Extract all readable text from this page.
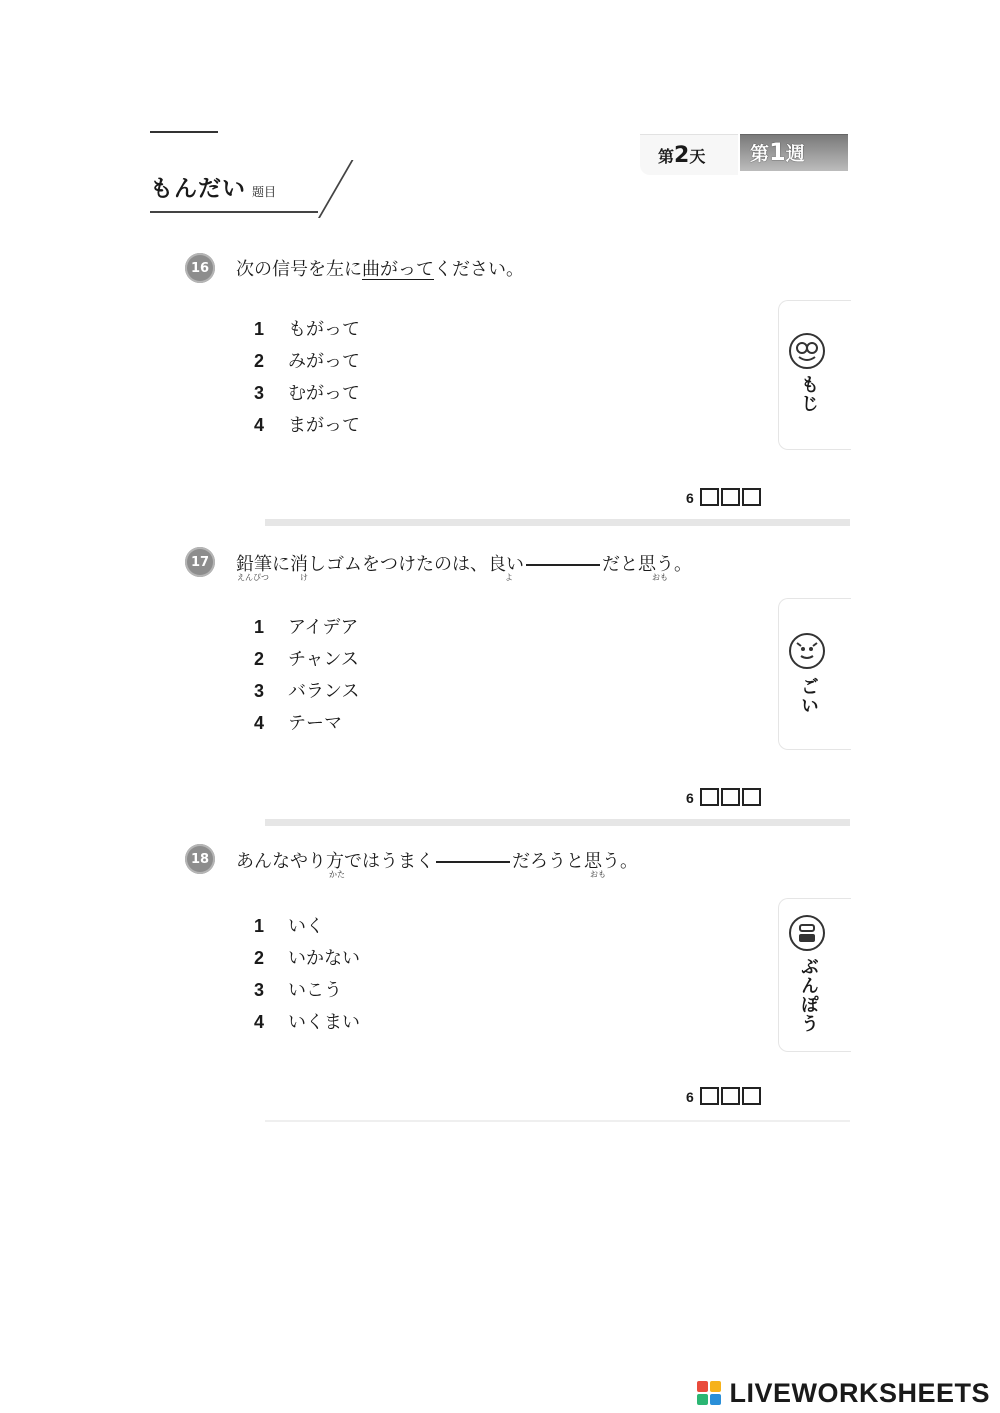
もんだい 题目
第2天 第1週
16	次の信号を左に曲がってください。
1 もがって
2 みがって
3 むがって
4 まがって
6
もじ
17	鉛筆に消しゴムをつけたのは、良い	だと思う。
えんぴつ	け	よ	おも
1 アイデア
2 チャンス
3 バランス
4 テーマ
6
ごい
18	あんなやり方ではうまく	だろうと思う。
かた	おも
1 いく
2 いかない
3 いこう
4 いくまい
6
ぶんぽう
LIVEWORKSHEETS
